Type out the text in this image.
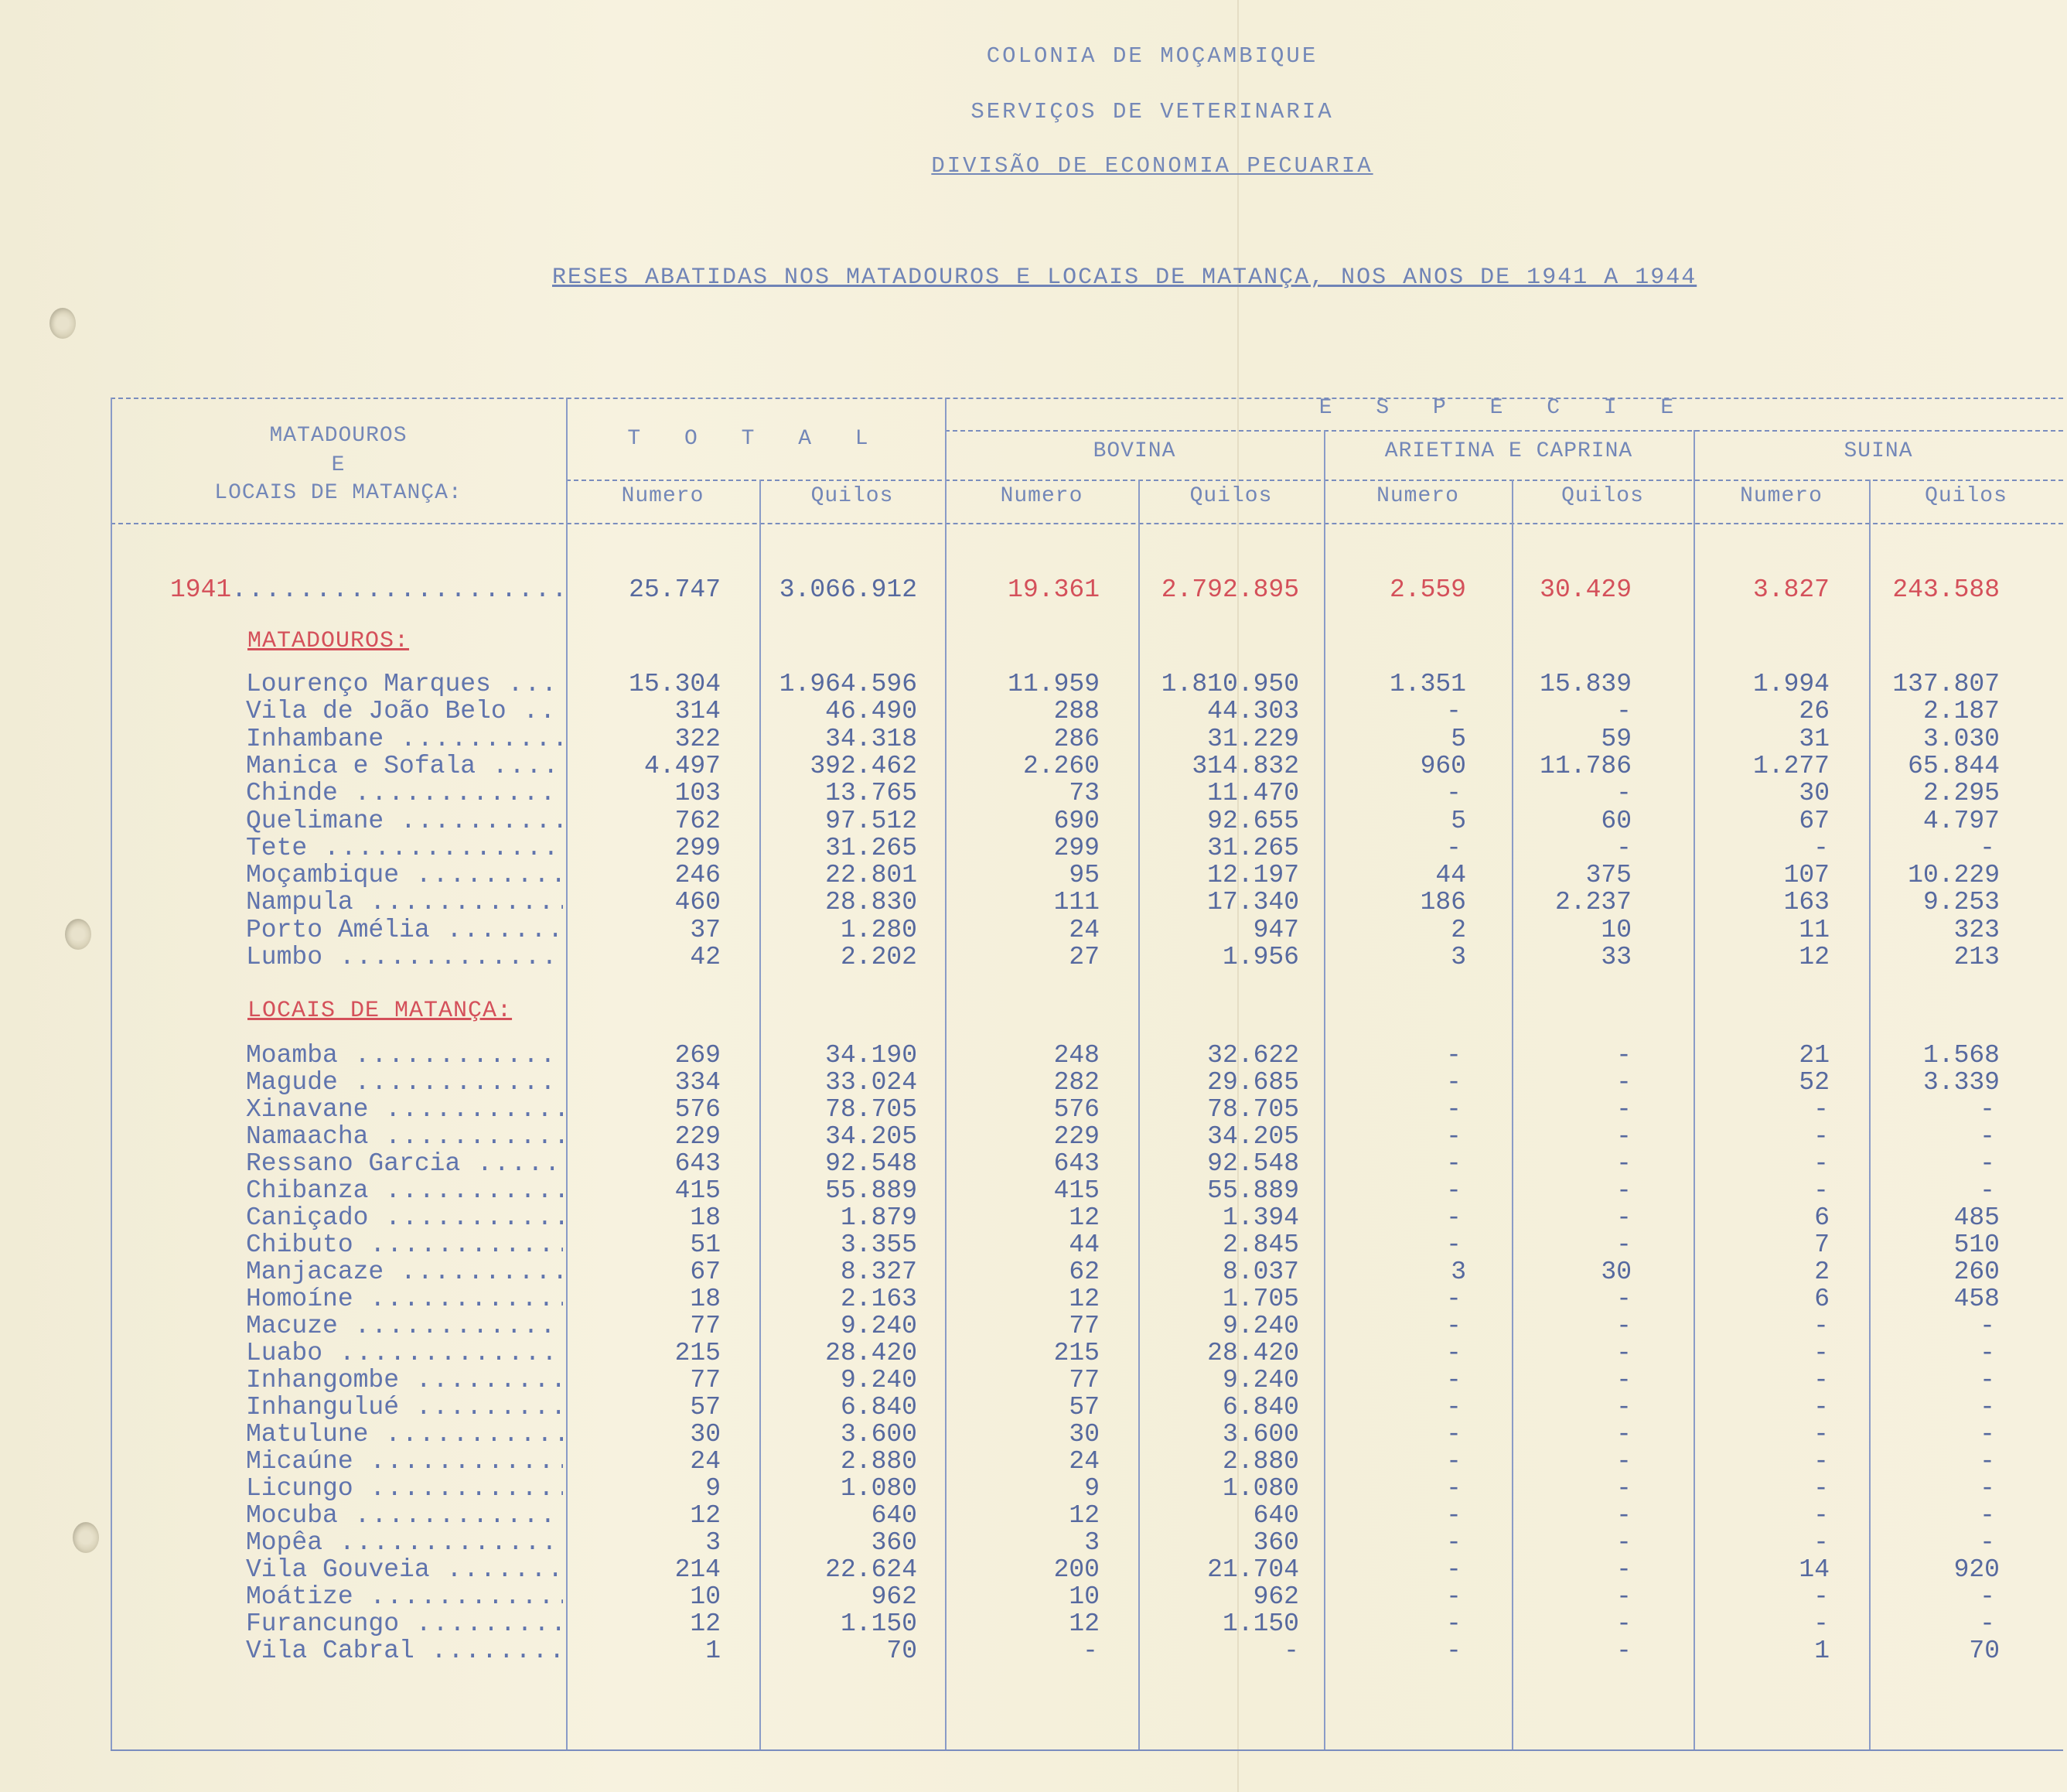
COLONIA DE MOÇAMBIQUE
SERVIÇOS DE VETERINARIA
DIVISÃO DE ECONOMIA PECUARIA
RESES ABATIDAS NOS MATADOUROS E LOCAIS DE MATANÇA, NOS ANOS DE 1941 A 1944
MATADOUROS
E
LOCAIS DE MATANÇA:
T O T A L
E S P E C I E
BOVINA	ARIETINA E CAPRINA	SUINA
Numero	Quilos	Numero	Quilos	Numero	Quilos	Numero	Quilos
1941 .....	25.747	3.066.912	19.361	2.792.895	2.559	30.429	3.827	243.588
MATADOUROS:
Lourenço Marques .....	15.304	1.964.596	11.959	1.810.950	1.351	15.839	1.994	137.807
Vila de João Belo .....	314	46.490	288	44.303	-	-	26	2.187
Inhambane .....	322	34.318	286	31.229	5	59	31	3.030
Manica e Sofala .....	4.497	392.462	2.260	314.832	960	11.786	1.277	65.844
Chinde .....	103	13.765	73	11.470	-	-	30	2.295
Quelimane .....	762	97.512	690	92.655	5	60	67	4.797
Tete .....	299	31.265	299	31.265	-	-	-	-
Moçambique .....	246	22.801	95	12.197	44	375	107	10.229
Nampula .....	460	28.830	111	17.340	186	2.237	163	9.253
Porto Amélia .....	37	1.280	24	947	2	10	11	323
Lumbo .....	42	2.202	27	1.956	3	33	12	213
LOCAIS DE MATANÇA:
Moamba .....	269	34.190	248	32.622	-	-	21	1.568
Magude .....	334	33.024	282	29.685	-	-	52	3.339
Xinavane .....	576	78.705	576	78.705	-	-	-	-
Namaacha .....	229	34.205	229	34.205	-	-	-	-
Ressano Garcia .....	643	92.548	643	92.548	-	-	-	-
Chibanza .....	415	55.889	415	55.889	-	-	-	-
Caniçado .....	18	1.879	12	1.394	-	-	6	485
Chibuto .....	51	3.355	44	2.845	-	-	7	510
Manjacaze .....	67	8.327	62	8.037	3	30	2	260
Homoíne .....	18	2.163	12	1.705	-	-	6	458
Macuze .....	77	9.240	77	9.240	-	-	-	-
Luabo .....	215	28.420	215	28.420	-	-	-	-
Inhangombe .....	77	9.240	77	9.240	-	-	-	-
Inhangulué .....	57	6.840	57	6.840	-	-	-	-
Matulune .....	30	3.600	30	3.600	-	-	-	-
Micaúne .....	24	2.880	24	2.880	-	-	-	-
Licungo .....	9	1.080	9	1.080	-	-	-	-
Mocuba .....	12	640	12	640	-	-	-	-
Mopêa .....	3	360	3	360	-	-	-	-
Vila Gouveia .....	214	22.624	200	21.704	-	-	14	920
Moátize .....	10	962	10	962	-	-	-	-
Furancungo .....	12	1.150	12	1.150	-	-	-	-
Vila Cabral .....	1	70	-	-	-	-	1	70
